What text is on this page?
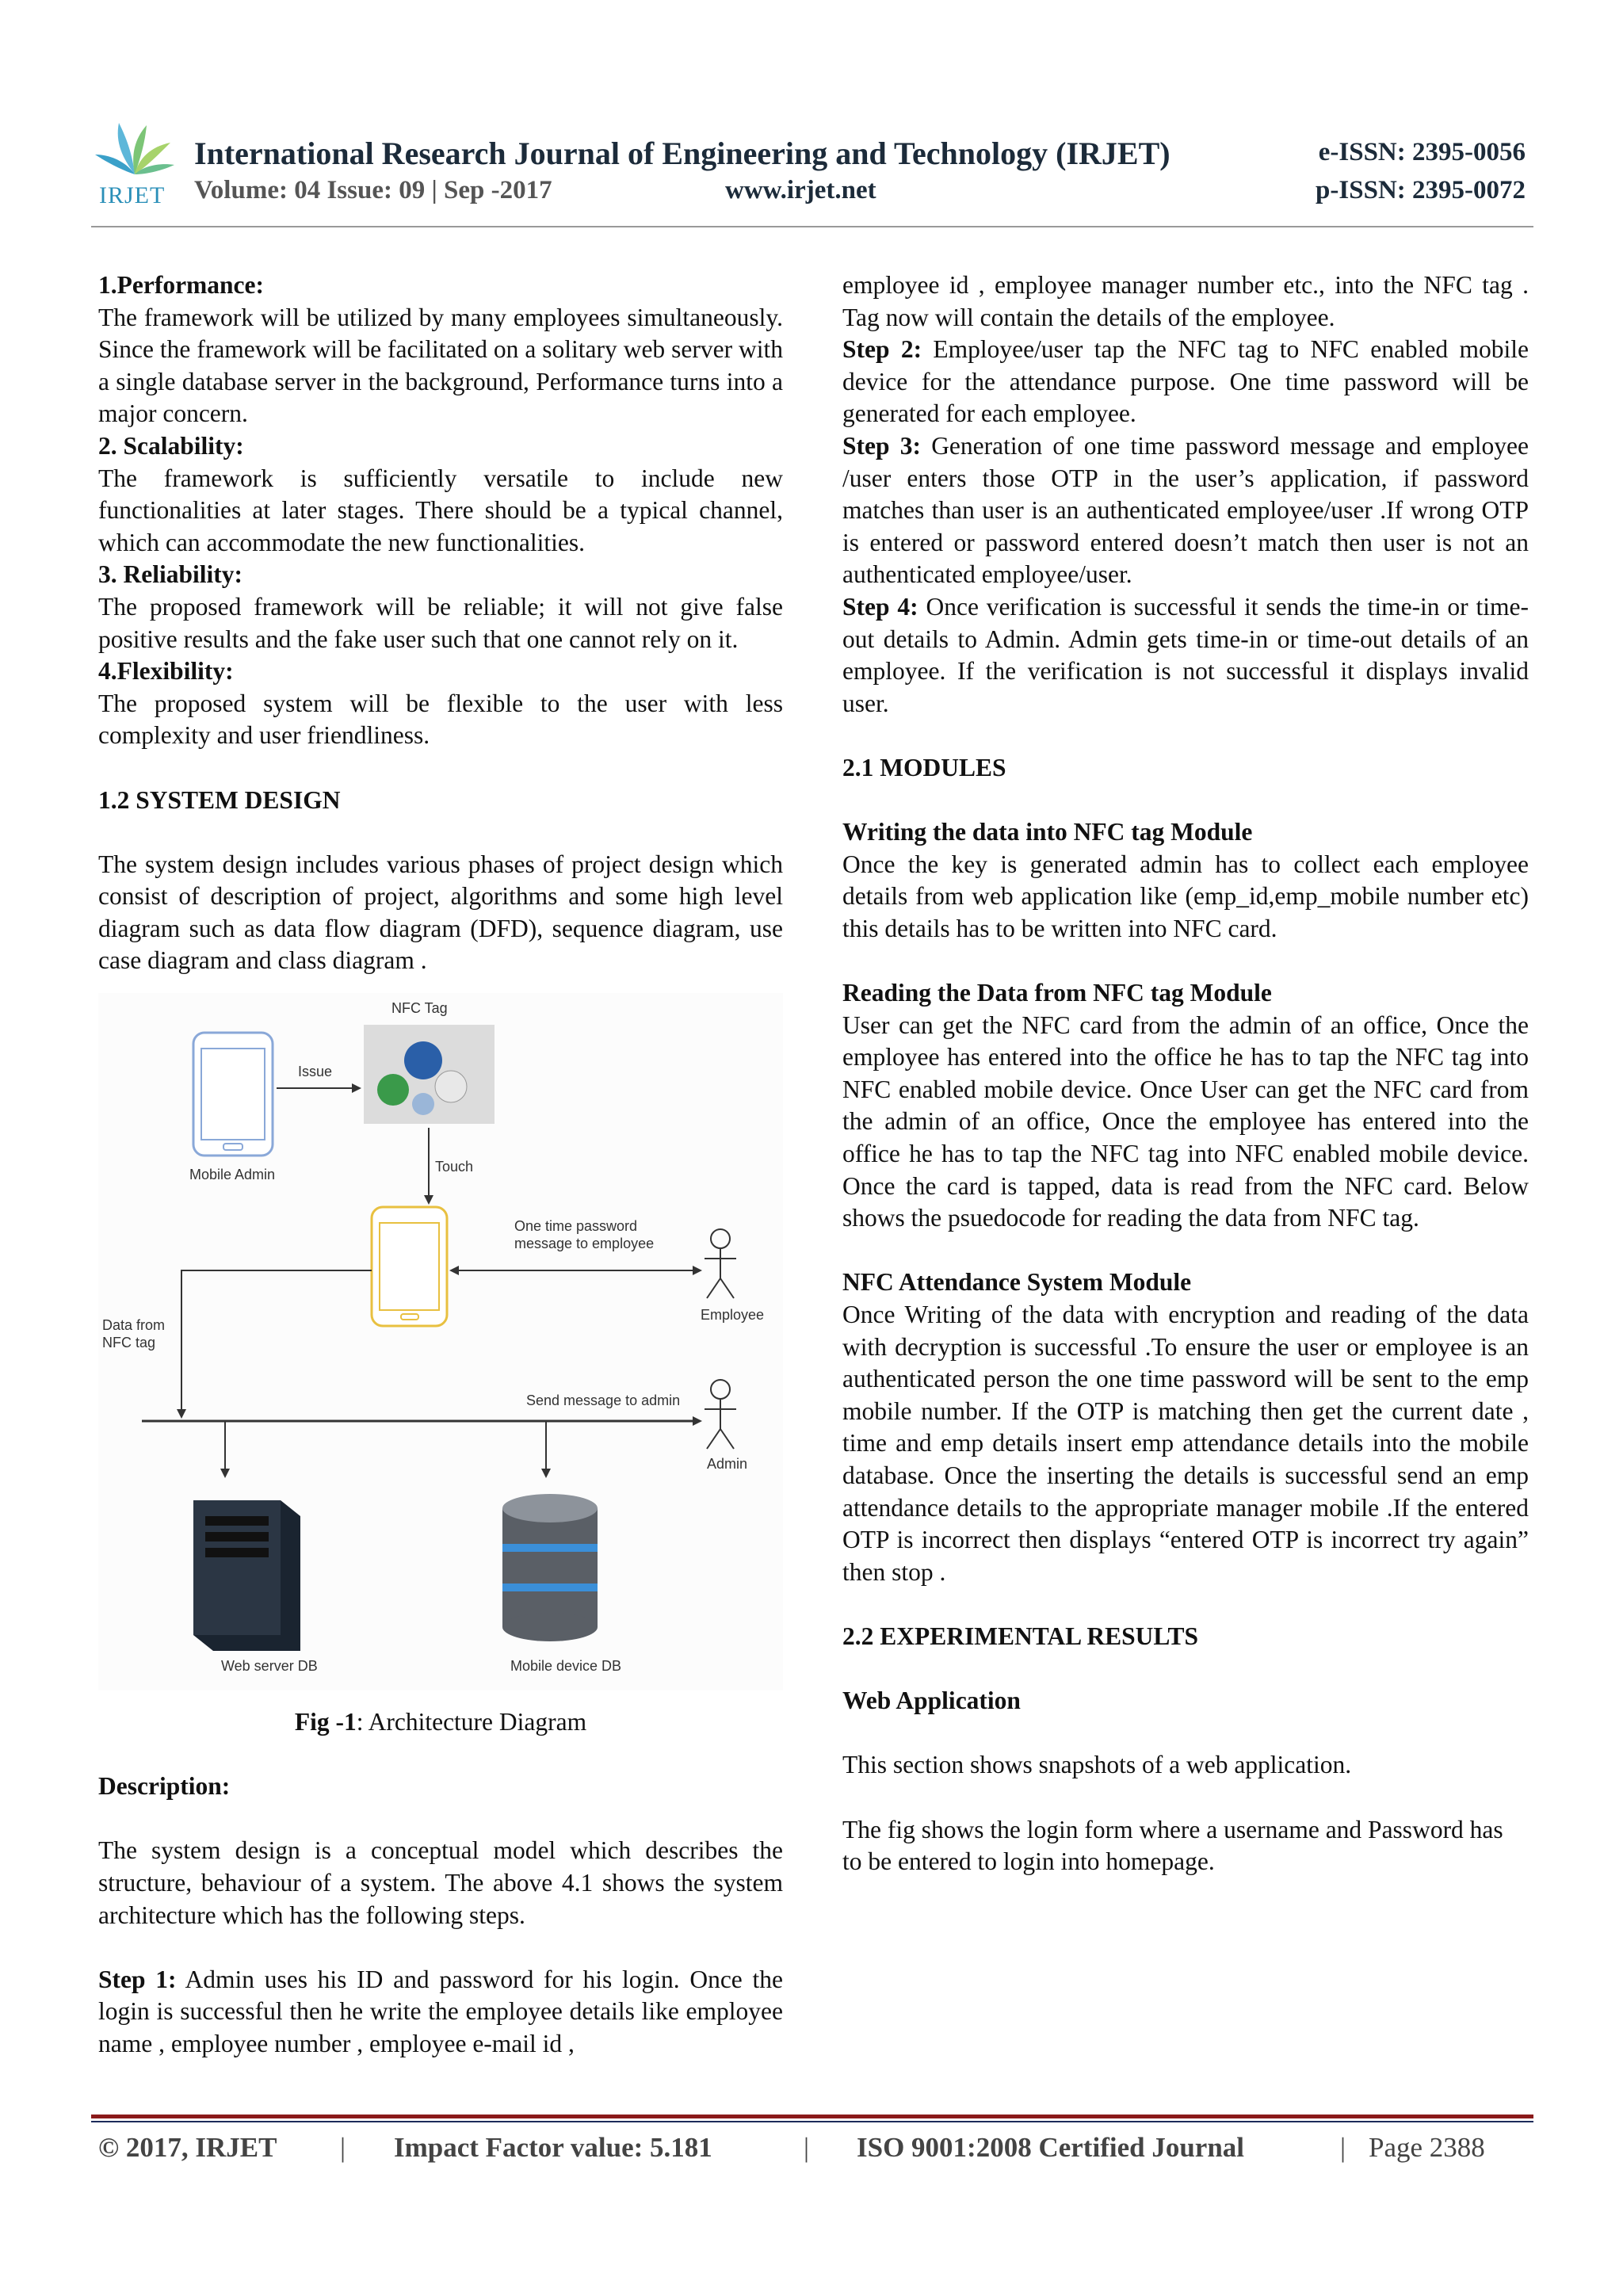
IRJET
International Research Journal of Engineering and Technology (IRJET)	e-ISSN: 2395-0056
Volume: 04 Issue: 09 | Sep -2017	www.irjet.net	p-ISSN: 2395-0072

1.Performance:

The framework will be utilized by many employees simultaneously. Since the framework will be facilitated on a solitary web server with a single database server in the background, Performance turns into a major concern.

2. Scalability:

The framework is sufficiently versatile to include new functionalities at later stages. There should be a typical channel, which can accommodate the new functionalities.

3. Reliability:

The proposed framework will be reliable; it will not give false positive results and the fake user such that one cannot rely on it.

4.Flexibility:

The proposed system will be flexible to the user with less complexity and user friendliness.

1.2 SYSTEM DESIGN

The system design includes various phases of project design which consist of description of project, algorithms and some high level diagram such as data flow diagram (DFD), sequence diagram, use case diagram and class diagram .

Mobile Admin
Issue
NFC Tag
Touch
One time password
message to employee
Employee
Data from
NFC tag
Send message to admin
Admin
Web server DB	Mobile device DB

Fig -1: Architecture Diagram

Description:

The system design is a conceptual model which describes the structure, behaviour of a system. The above 4.1 shows the system architecture which has the following steps.

Step 1: Admin uses his ID and password for his login. Once the login is successful then he write the employee details like employee name , employee number , employee e-mail id ,

employee id , employee manager number etc., into the NFC tag . Tag now will contain the details of the employee.

Step 2: Employee/user tap the NFC tag to NFC enabled mobile device for the attendance purpose. One time password will be generated for each employee.

Step 3: Generation of one time password message and employee /user enters those OTP in the user’s application, if password matches than user is an authenticated employee/user .If wrong OTP is entered or password entered doesn’t match then user is not an authenticated employee/user.

Step 4: Once verification is successful it sends the time-in or time-out details to Admin. Admin gets time-in or time-out details of an employee. If the verification is not successful it displays invalid user.

2.1 MODULES

Writing the data into NFC tag Module

Once the key is generated admin has to collect each employee details from web application like (emp_id,emp_mobile number etc) this details has to be written into NFC card.

Reading the Data from NFC tag Module

User can get the NFC card from the admin of an office, Once the employee has entered into the office he has to tap the NFC tag into NFC enabled mobile device. Once User can get the NFC card from the admin of an office, Once the employee has entered into the office he has to tap the NFC tag into NFC enabled mobile device. Once the card is tapped, data is read from the NFC card. Below shows the psuedocode for reading the data from NFC tag.

NFC Attendance System Module

Once Writing of the data with encryption and reading of the data with decryption is successful .To ensure the user or employee is an authenticated person the one time password will be sent to the emp mobile number. If the OTP is matching then get the current date , time and emp details insert emp attendance details into the mobile database. Once the inserting the details is successful send an emp attendance details to the appropriate manager mobile .If the entered OTP is incorrect then displays “entered OTP is incorrect try again” then stop .

2.2 EXPERIMENTAL RESULTS

Web Application

This section shows snapshots of a web application.

The fig shows the login form where a username and Password has to be entered to login into homepage.

© 2017, IRJET | Impact Factor value: 5.181	| ISO 9001:2008 Certified Journal	| Page 2388
